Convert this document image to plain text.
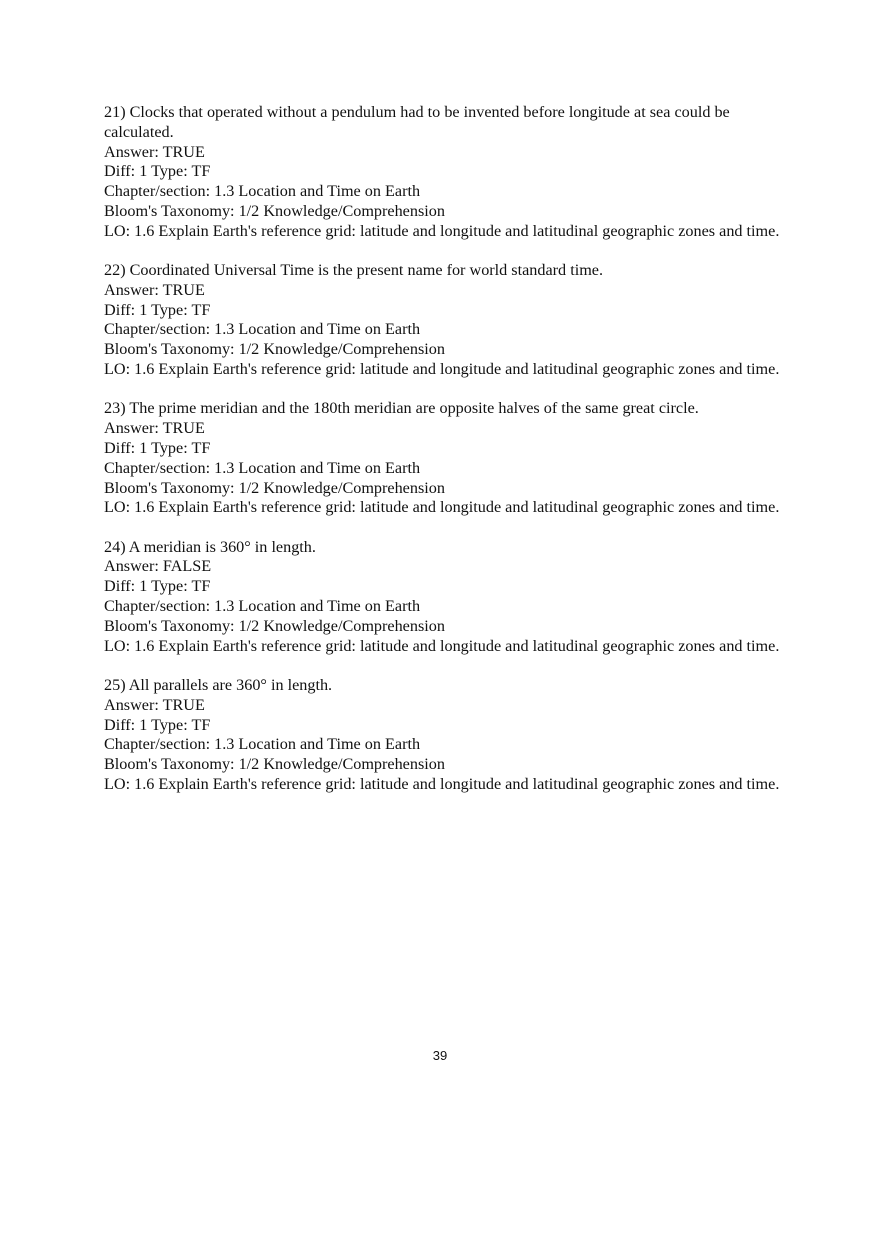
21) Clocks that operated without a pendulum had to be invented before longitude at sea could be calculated.

Answer: TRUE

Diff: 1 Type: TF

Chapter/section: 1.3 Location and Time on Earth

Bloom's Taxonomy: 1/2 Knowledge/Comprehension

LO: 1.6 Explain Earth's reference grid: latitude and longitude and latitudinal geographic zones and time.

22) Coordinated Universal Time is the present name for world standard time.

Answer: TRUE

Diff: 1 Type: TF

Chapter/section: 1.3 Location and Time on Earth

Bloom's Taxonomy: 1/2 Knowledge/Comprehension

LO: 1.6 Explain Earth's reference grid: latitude and longitude and latitudinal geographic zones and time.

23) The prime meridian and the 180th meridian are opposite halves of the same great circle.

Answer: TRUE

Diff: 1 Type: TF

Chapter/section: 1.3 Location and Time on Earth

Bloom's Taxonomy: 1/2 Knowledge/Comprehension

LO: 1.6 Explain Earth's reference grid: latitude and longitude and latitudinal geographic zones and time.

24) A meridian is 360° in length.

Answer: FALSE

Diff: 1 Type: TF

Chapter/section: 1.3 Location and Time on Earth

Bloom's Taxonomy: 1/2 Knowledge/Comprehension

LO: 1.6 Explain Earth's reference grid: latitude and longitude and latitudinal geographic zones and time.

25) All parallels are 360° in length.

Answer: TRUE

Diff: 1 Type: TF

Chapter/section: 1.3 Location and Time on Earth

Bloom's Taxonomy: 1/2 Knowledge/Comprehension

LO: 1.6 Explain Earth's reference grid: latitude and longitude and latitudinal geographic zones and time.

39
